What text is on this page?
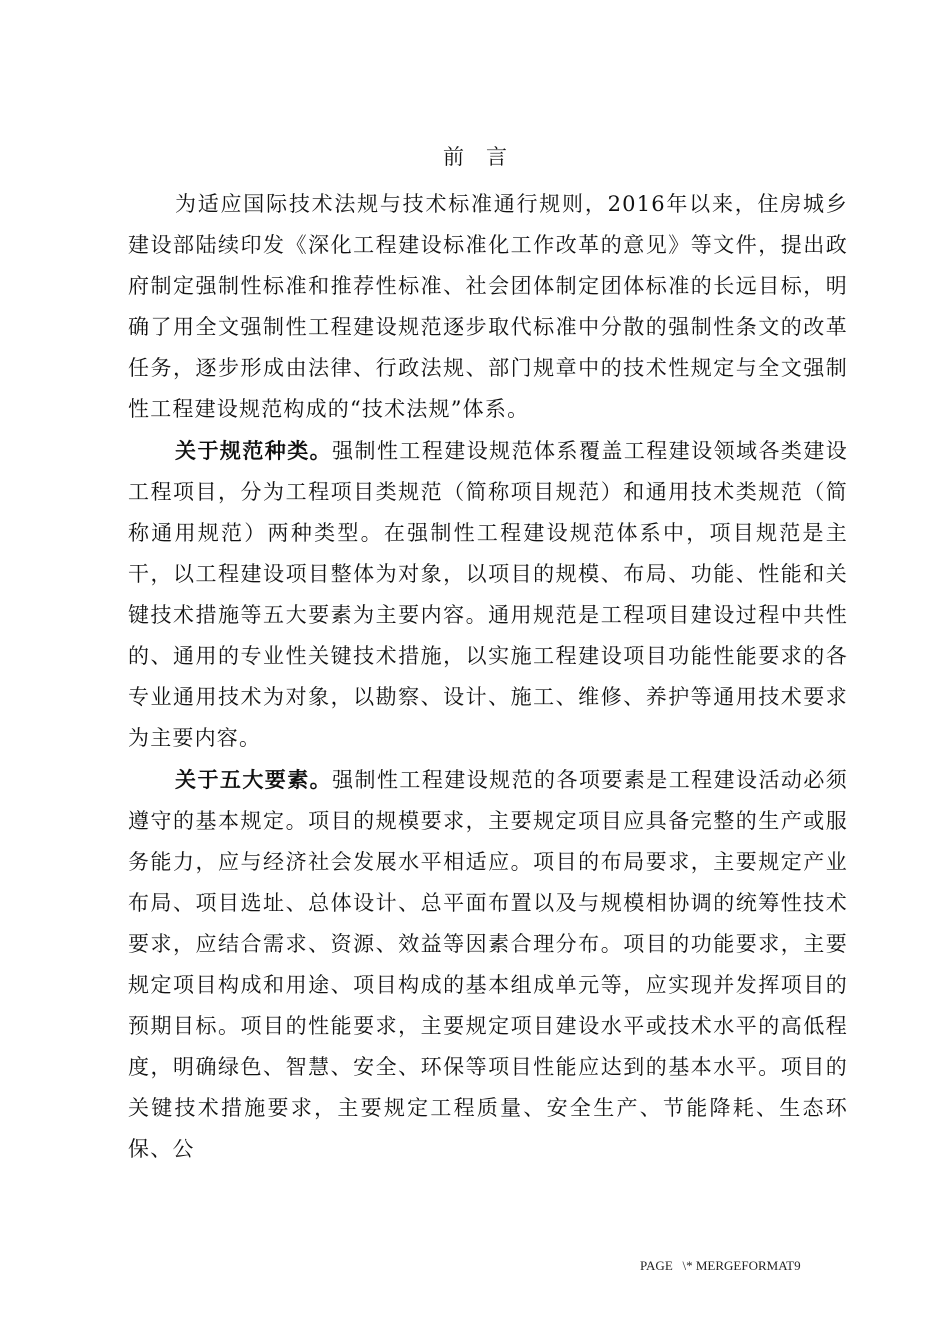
前言

为适应国际技术法规与技术标准通行规则，2016年以来，住房城乡建设部陆续印发《深化工程建设标准化工作改革的意见》等文件，提出政府制定强制性标准和推荐性标准、社会团体制定团体标准的长远目标，明确了用全文强制性工程建设规范逐步取代标准中分散的强制性条文的改革任务，逐步形成由法律、行政法规、部门规章中的技术性规定与全文强制性工程建设规范构成的“技术法规”体系。

关于规范种类。强制性工程建设规范体系覆盖工程建设领域各类建设工程项目，分为工程项目类规范（简称项目规范）和通用技术类规范（简称通用规范）两种类型。在强制性工程建设规范体系中，项目规范是主干，以工程建设项目整体为对象，以项目的规模、布局、功能、性能和关键技术措施等五大要素为主要内容。通用规范是工程项目建设过程中共性的、通用的专业性关键技术措施，以实施工程建设项目功能性能要求的各专业通用技术为对象，以勘察、设计、施工、维修、养护等通用技术要求为主要内容。

关于五大要素。强制性工程建设规范的各项要素是工程建设活动必须遵守的基本规定。项目的规模要求，主要规定项目应具备完整的生产或服务能力，应与经济社会发展水平相适应。项目的布局要求，主要规定产业布局、项目选址、总体设计、总平面布置以及与规模相协调的统筹性技术要求，应结合需求、资源、效益等因素合理分布。项目的功能要求，主要规定项目构成和用途、项目构成的基本组成单元等，应实现并发挥项目的预期目标。项目的性能要求，主要规定项目建设水平或技术水平的高低程度，明确绿色、智慧、安全、环保等项目性能应达到的基本水平。项目的关键技术措施要求，主要规定工程质量、安全生产、节能降耗、生态环保、公

PAGE   \* MERGEFORMAT9
